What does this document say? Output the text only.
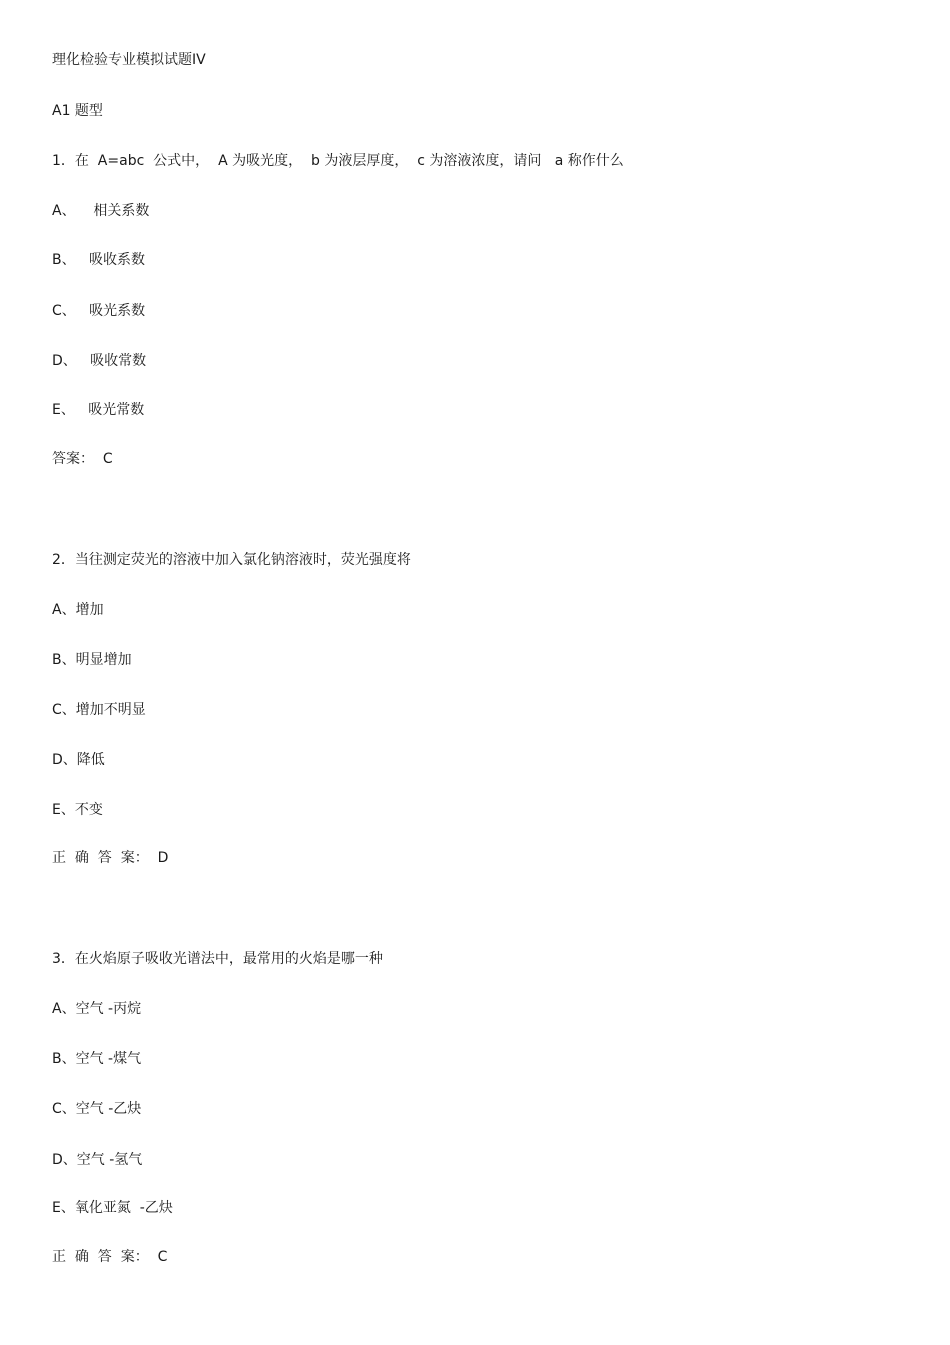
理化检验专业模拟试题IV
A1 题型
1．在  A=abc  公式中，  A 为吸光度，  b 为液层厚度，  c 为溶液浓度，请问   a 称作什么
A、    相关系数
B、   吸收系数
C、   吸光系数
D、   吸收常数
E、   吸光常数
答案：  C
2．当往测定荧光的溶液中加入氯化钠溶液时，荧光强度将
A、增加
B、明显增加
C、增加不明显
D、降低
E、不变
正  确  答  案：  D
3．在火焰原子吸收光谱法中，最常用的火焰是哪一种
A、空气 -丙烷
B、空气 -煤气
C、空气 -乙炔
D、空气 -氢气
E、氧化亚氮  -乙炔
正  确  答  案：  C
